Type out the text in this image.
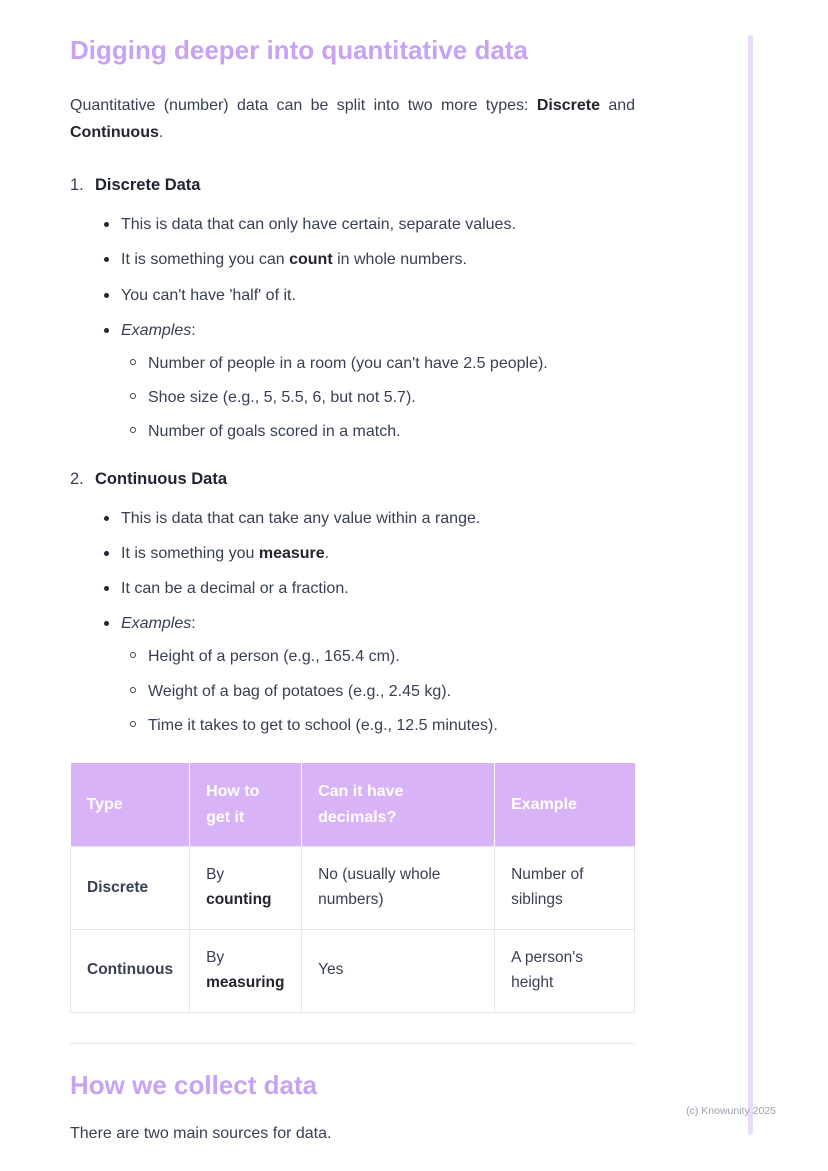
Digging deeper into quantitative data

Quantitative (number) data can be split into two more types: Discrete and Continuous.

1. Discrete Data
This is data that can only have certain, separate values.
It is something you can count in whole numbers.
You can't have 'half' of it.
Examples:
Number of people in a room (you can't have 2.5 people).
Shoe size (e.g., 5, 5.5, 6, but not 5.7).
Number of goals scored in a match.
2. Continuous Data
This is data that can take any value within a range.
It is something you measure.
It can be a decimal or a fraction.
Examples:
Height of a person (e.g., 165.4 cm).
Weight of a bag of potatoes (e.g., 2.45 kg).
Time it takes to get to school (e.g., 12.5 minutes).
Type	How to get it	Can it have decimals?	Example
Discrete	By counting	No (usually whole numbers)	Number of siblings
Continuous	By measuring	Yes	A person's height
How we collect data

There are two main sources for data.

(c) Knowunity 2025
